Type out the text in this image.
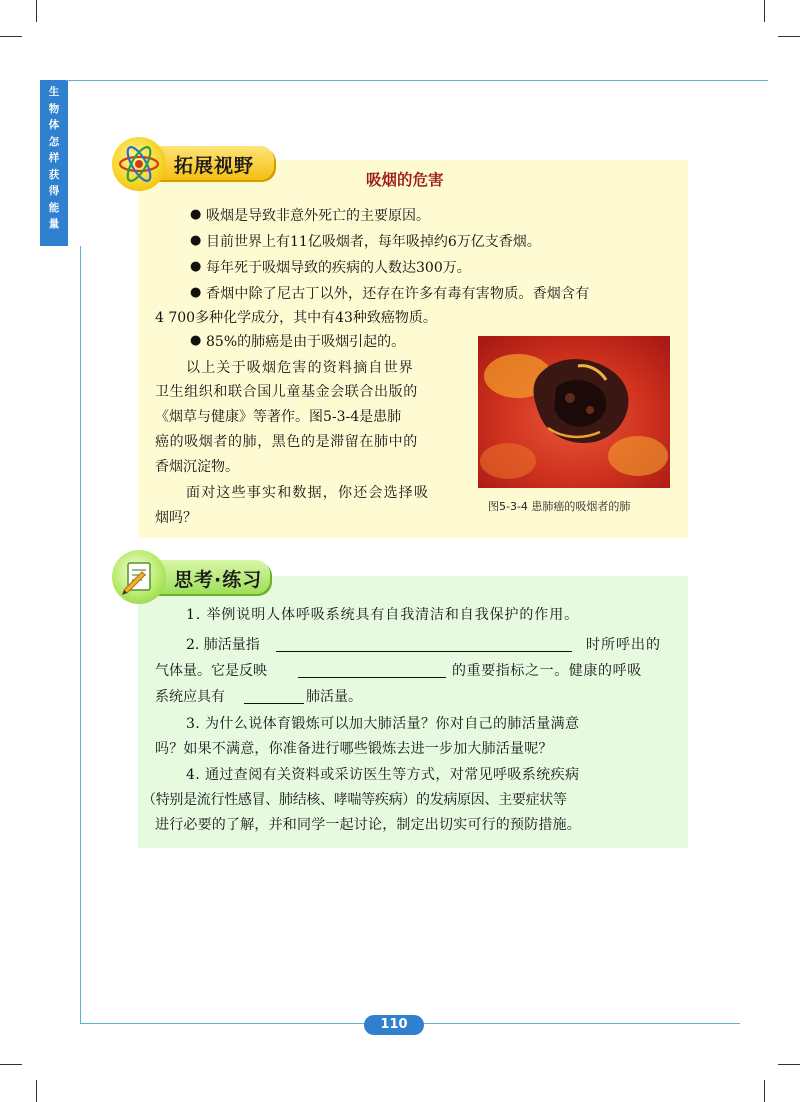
生
物
体
怎
样
获
得
能
量
110
拓展视野
吸烟的危害
● 吸烟是导致非意外死亡的主要原因。
● 目前世界上有11亿吸烟者，每年吸掉约6万亿支香烟。
● 每年死于吸烟导致的疾病的人数达300万。
● 香烟中除了尼古丁以外，还存在许多有毒有害物质。香烟含有
4 700多种化学成分，其中有43种致癌物质。
● 85%的肺癌是由于吸烟引起的。
以上关于吸烟危害的资料摘自世界
卫生组织和联合国儿童基金会联合出版的
《烟草与健康》等著作。图5-3-4是患肺
癌的吸烟者的肺，黑色的是滞留在肺中的
香烟沉淀物。
面对这些事实和数据，你还会选择吸
烟吗？
图5-3-4 患肺癌的吸烟者的肺
思考·练习
1. 举例说明人体呼吸系统具有自我清洁和自我保护的作用。
2. 肺活量指	时所呼出的
气体量。它是反映	的重要指标之一。健康的呼吸
系统应具有	肺活量。
3. 为什么说体育锻炼可以加大肺活量？你对自己的肺活量满意
吗？如果不满意，你准备进行哪些锻炼去进一步加大肺活量呢？
4. 通过查阅有关资料或采访医生等方式，对常见呼吸系统疾病
（特别是流行性感冒、肺结核、哮喘等疾病）的发病原因、主要症状等
进行必要的了解，并和同学一起讨论，制定出切实可行的预防措施。
